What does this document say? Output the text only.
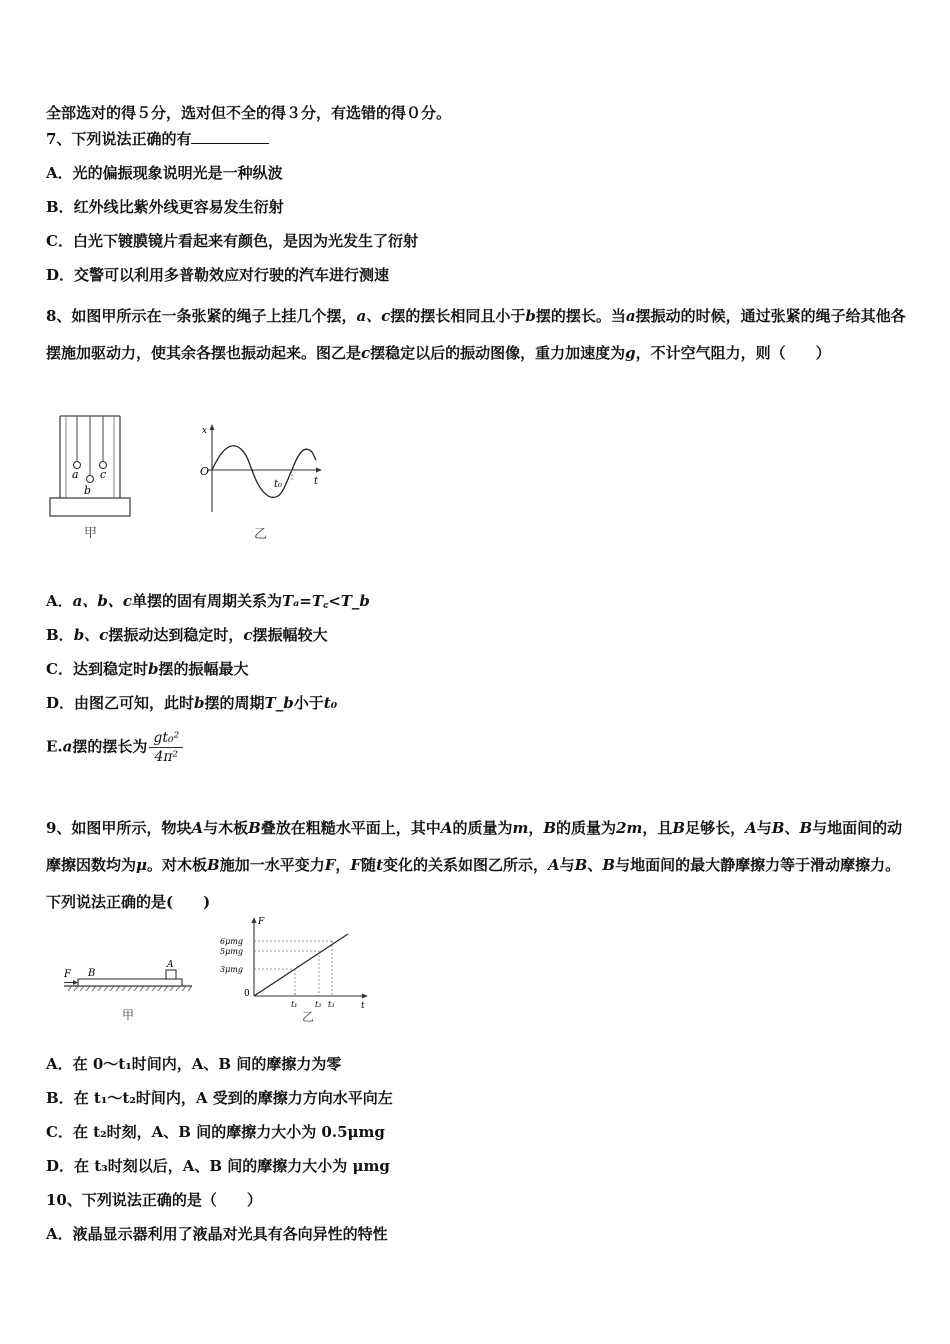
全部选对的得５分，选对但不全的得３分，有选错的得０分。
7、下列说法正确的有
A．光的偏振现象说明光是一种纵波
B．红外线比紫外线更容易发生衍射
C．白光下镀膜镜片看起来有颜色，是因为光发生了衍射
D．交警可以利用多普勒效应对行驶的汽车进行测速
8、如图甲所示在一条张紧的绳子上挂几个摆，a、c摆的摆长相同且小于b摆的摆长。当a摆振动的时候，通过张紧的绳子给其他各摆施加驱动力，使其余各摆也振动起来。图乙是c摆稳定以后的振动图像，重力加速度为g，不计空气阻力，则（　　）
a
b
c
甲
x
O
t₀	t
乙
A．a、b、c单摆的固有周期关系为Tₐ=T꜀<T_b
B．b、c摆振动达到稳定时，c摆振幅较大
C．达到稳定时b摆的振幅最大
D．由图乙可知，此时b摆的周期T_b小于t₀
E.a摆的摆长为 $\frac{\text{gt₀²}}{\text{4π²}}$
9、如图甲所示，物块A与木板B叠放在粗糙水平面上，其中A的质量为m，B的质量为2m，且B足够长，A与B、B与地面间的动摩擦因数均为μ。对木板B施加一水平变力F，F随t变化的关系如图乙所示，A与B、B与地面间的最大静摩擦力等于滑动摩擦力。下列说法正确的是(　　)
F B
A
甲
F
6μmg
5μmg
3μmg
0
t₁ t₂ t₃	t
乙
A．在 0～t₁时间内，A、B 间的摩擦力为零
B．在 t₁～t₂时间内，A 受到的摩擦力方向水平向左
C．在 t₂时刻，A、B 间的摩擦力大小为 0.5μmg
D．在 t₃时刻以后，A、B 间的摩擦力大小为 μmg
10、下列说法正确的是（　　）
A．液晶显示器利用了液晶对光具有各向异性的特性
